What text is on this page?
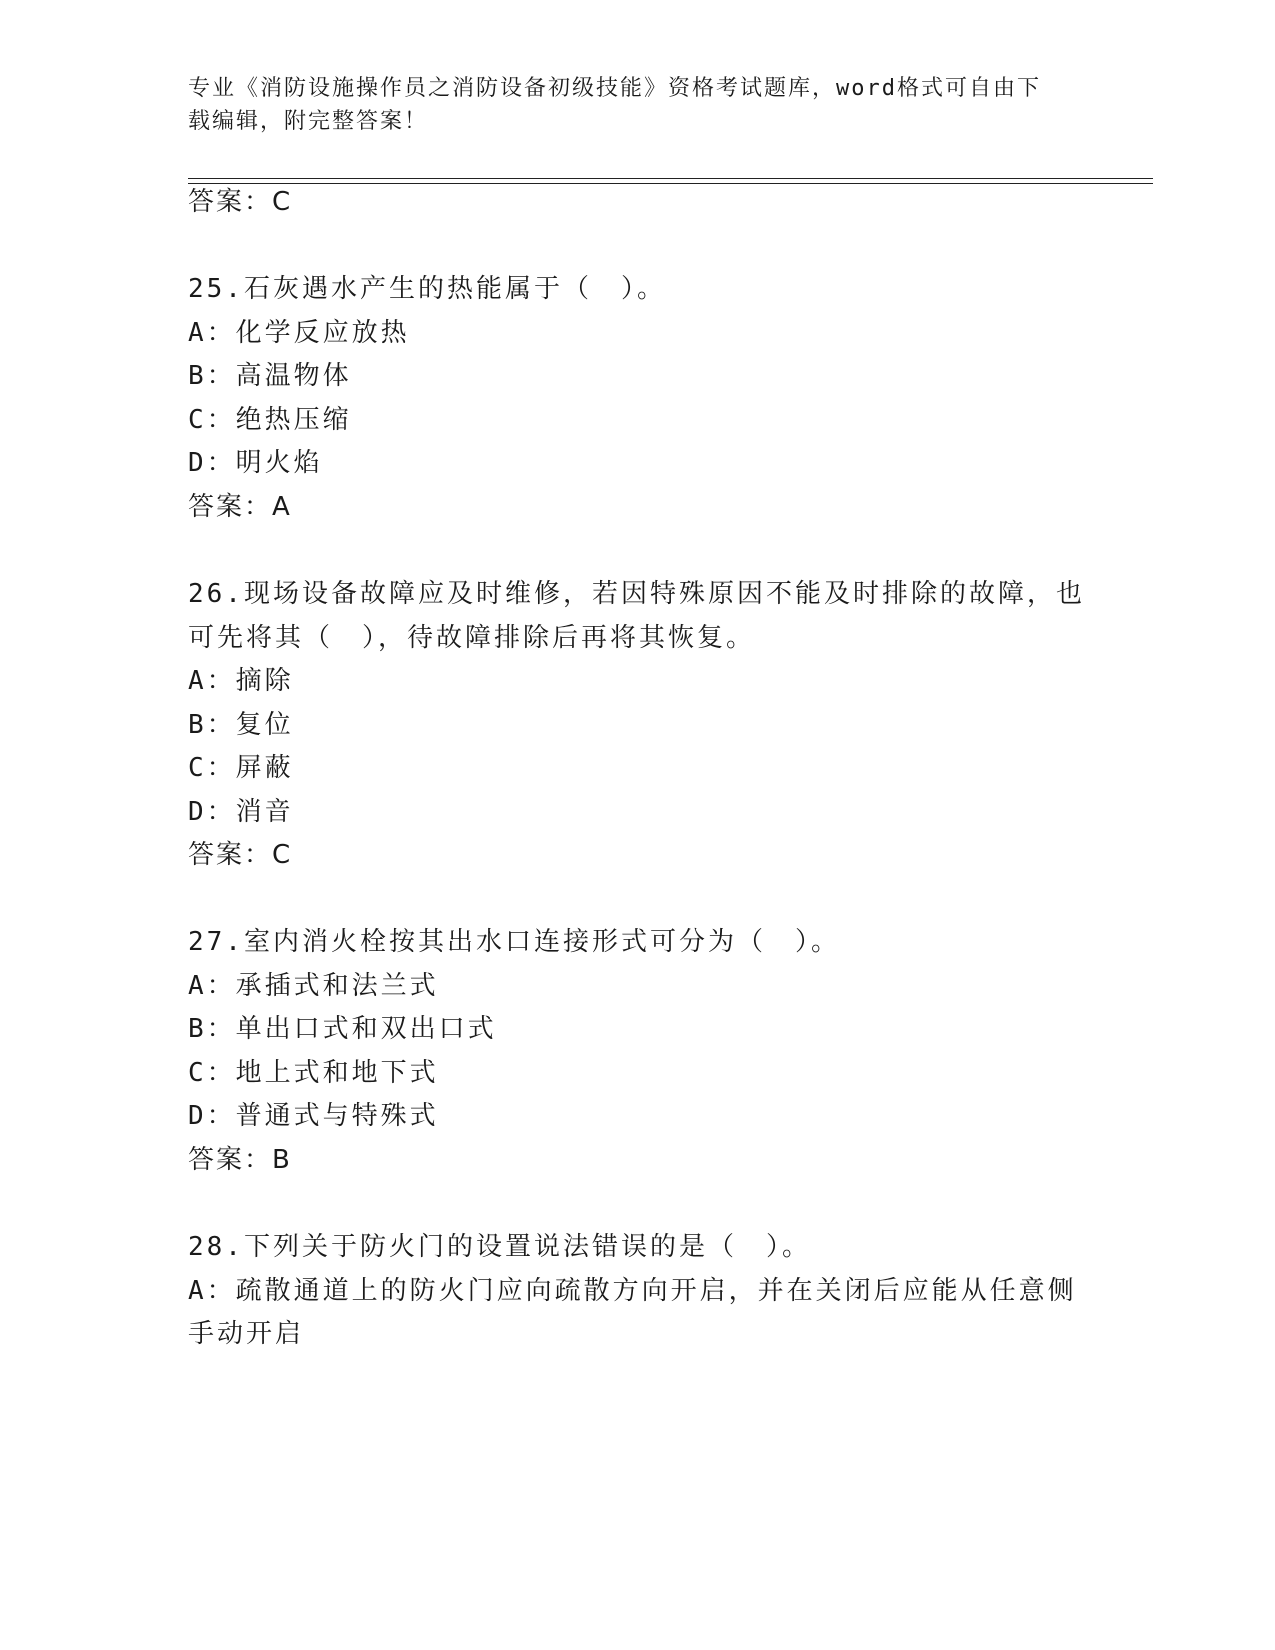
专业《消防设施操作员之消防设备初级技能》资格考试题库，word格式可自由下
载编辑，附完整答案！
答案：C
25.石灰遇水产生的热能属于（　）。
A：化学反应放热
B：高温物体
C：绝热压缩
D：明火焰
答案：A
26.现场设备故障应及时维修，若因特殊原因不能及时排除的故障，也
可先将其（　），待故障排除后再将其恢复。
A：摘除
B：复位
C：屏蔽
D：消音
答案：C
27.室内消火栓按其出水口连接形式可分为（　）。
A：承插式和法兰式
B：单出口式和双出口式
C：地上式和地下式
D：普通式与特殊式
答案：B
28.下列关于防火门的设置说法错误的是（　）。
A：疏散通道上的防火门应向疏散方向开启，并在关闭后应能从任意侧
手动开启
